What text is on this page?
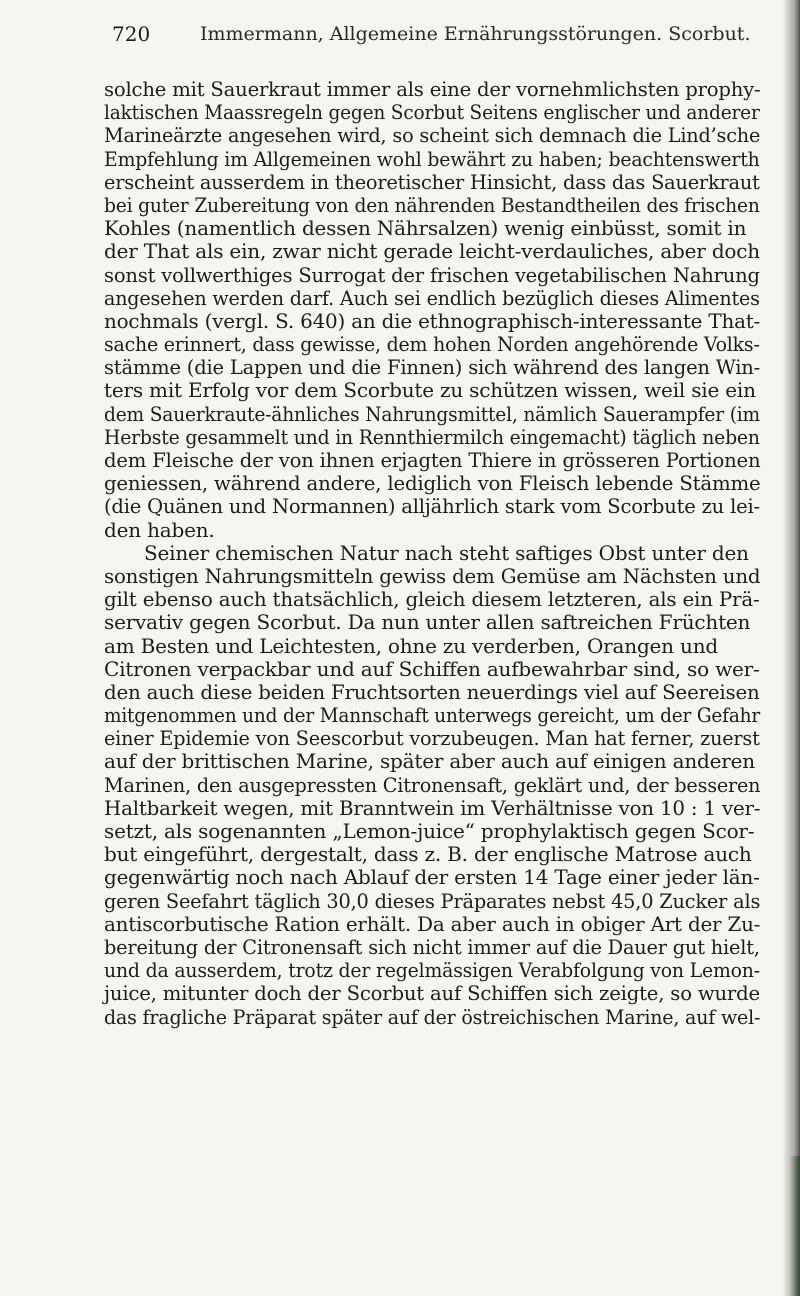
720	Immermann, Allgemeine Ernährungsstörungen. Scorbut.
solche mit Sauerkraut immer als eine der vornehmlichsten prophy-
laktischen Maassregeln gegen Scorbut Seitens englischer und anderer
Marineärzte angesehen wird, so scheint sich demnach die Lind’sche
Empfehlung im Allgemeinen wohl bewährt zu haben; beachtenswerth
erscheint ausserdem in theoretischer Hinsicht, dass das Sauerkraut
bei guter Zubereitung von den nährenden Bestandtheilen des frischen
Kohles (namentlich dessen Nährsalzen) wenig einbüsst, somit in
der That als ein, zwar nicht gerade leicht-verdauliches, aber doch
sonst vollwerthiges Surrogat der frischen vegetabilischen Nahrung
angesehen werden darf. Auch sei endlich bezüglich dieses Alimentes
nochmals (vergl. S. 640) an die ethnographisch-interessante That-
sache erinnert, dass gewisse, dem hohen Norden angehörende Volks-
stämme (die Lappen und die Finnen) sich während des langen Win-
ters mit Erfolg vor dem Scorbute zu schützen wissen, weil sie ein
dem Sauerkraute-ähnliches Nahrungsmittel, nämlich Sauerampfer (im
Herbste gesammelt und in Rennthiermilch eingemacht) täglich neben
dem Fleische der von ihnen erjagten Thiere in grösseren Portionen
geniessen, während andere, lediglich von Fleisch lebende Stämme
(die Quänen und Normannen) alljährlich stark vom Scorbute zu lei-
den haben.
Seiner chemischen Natur nach steht saftiges Obst unter den
sonstigen Nahrungsmitteln gewiss dem Gemüse am Nächsten und
gilt ebenso auch thatsächlich, gleich diesem letzteren, als ein Prä-
servativ gegen Scorbut. Da nun unter allen saftreichen Früchten
am Besten und Leichtesten, ohne zu verderben, Orangen und
Citronen verpackbar und auf Schiffen aufbewahrbar sind, so wer-
den auch diese beiden Fruchtsorten neuerdings viel auf Seereisen
mitgenommen und der Mannschaft unterwegs gereicht, um der Gefahr
einer Epidemie von Seescorbut vorzubeugen. Man hat ferner, zuerst
auf der brittischen Marine, später aber auch auf einigen anderen
Marinen, den ausgepressten Citronensaft, geklärt und, der besseren
Haltbarkeit wegen, mit Branntwein im Verhältnisse von 10 : 1 ver-
setzt, als sogenannten „Lemon-juice“ prophylaktisch gegen Scor-
but eingeführt, dergestalt, dass z. B. der englische Matrose auch
gegenwärtig noch nach Ablauf der ersten 14 Tage einer jeder län-
geren Seefahrt täglich 30,0 dieses Präparates nebst 45,0 Zucker als
antiscorbutische Ration erhält. Da aber auch in obiger Art der Zu-
bereitung der Citronensaft sich nicht immer auf die Dauer gut hielt,
und da ausserdem, trotz der regelmässigen Verabfolgung von Lemon-
juice, mitunter doch der Scorbut auf Schiffen sich zeigte, so wurde
das fragliche Präparat später auf der östreichischen Marine, auf wel-
